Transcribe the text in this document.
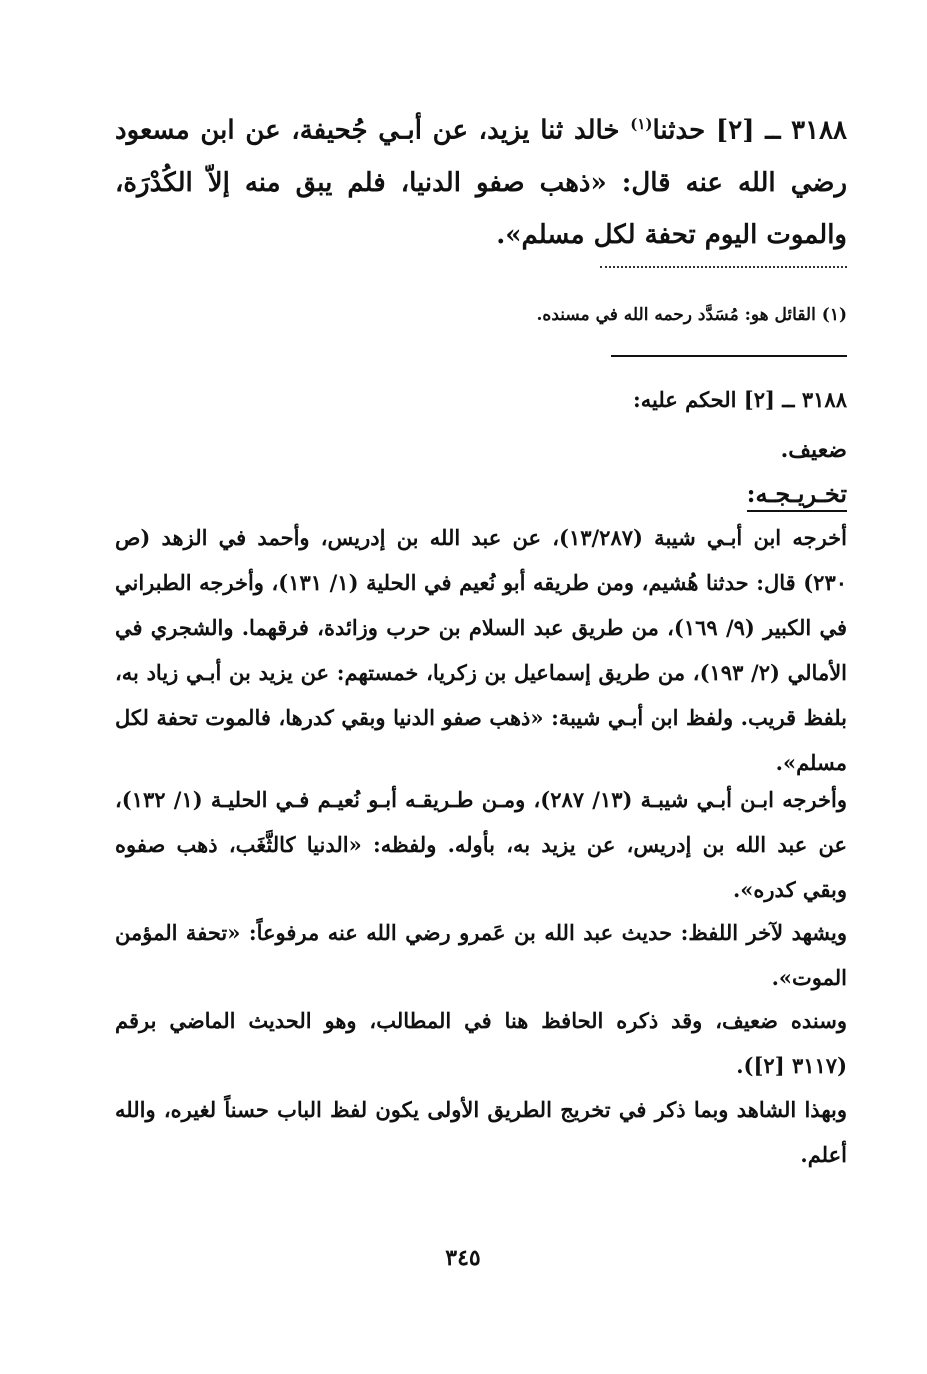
٣١٨٨ ــ [٢] حدثنا$^{(١)}$ خالد ثنا يزيد، عن أبـي جُحيفة، عن ابن مسعود رضي الله عنه قال: «ذهب صفو الدنيا، فلم يبق منه إلاّ الكُدْرَة، والموت اليوم تحفة لكل مسلم».
(١) القائل هو: مُسَدَّد رحمه الله في مسنده.
٣١٨٨ ــ [٢] الحكم عليه:
ضعيف.
تخـريـجـه:

أخرجه ابن أبـي شيبة (١٣/٢٨٧)، عن عبد الله بن إدريس، وأحمد في الزهد (ص ٢٣٠) قال: حدثنا هُشيم، ومن طريقه أبو نُعيم في الحلية (١/ ١٣١)، وأخرجه الطبراني في الكبير (٩/ ١٦٩)، من طريق عبد السلام بن حرب وزائدة، فرقهما. والشجري في الأمالي (٢/ ١٩٣)، من طريق إسماعيل بن زكريا، خمستهم: عن يزيد بن أبـي زياد به، بلفظ قريب. ولفظ ابن أبـي شيبة: «ذهب صفو الدنيا وبقي كدرها، فالموت تحفة لكل مسلم».

وأخرجه ابـن أبـي شيبـة (١٣/ ٢٨٧)، ومـن طـريقـه أبـو نُعيـم فـي الحليـة (١/ ١٣٢)، عن عبد الله بن إدريس، عن يزيد به، بأوله. ولفظه: «الدنيا كالثَّغَب، ذهب صفوه وبقي كدره».

ويشهد لآخر اللفظ: حديث عبد الله بن عَمرو رضي الله عنه مرفوعاً: «تحفة المؤمن الموت».

وسنده ضعيف، وقد ذكره الحافظ هنا في المطالب، وهو الحديث الماضي برقم (٣١١٧ [٢]).

وبهذا الشاهد وبما ذكر في تخريج الطريق الأولى يكون لفظ الباب حسناً لغيره، والله أعلم.

٣٤٥
